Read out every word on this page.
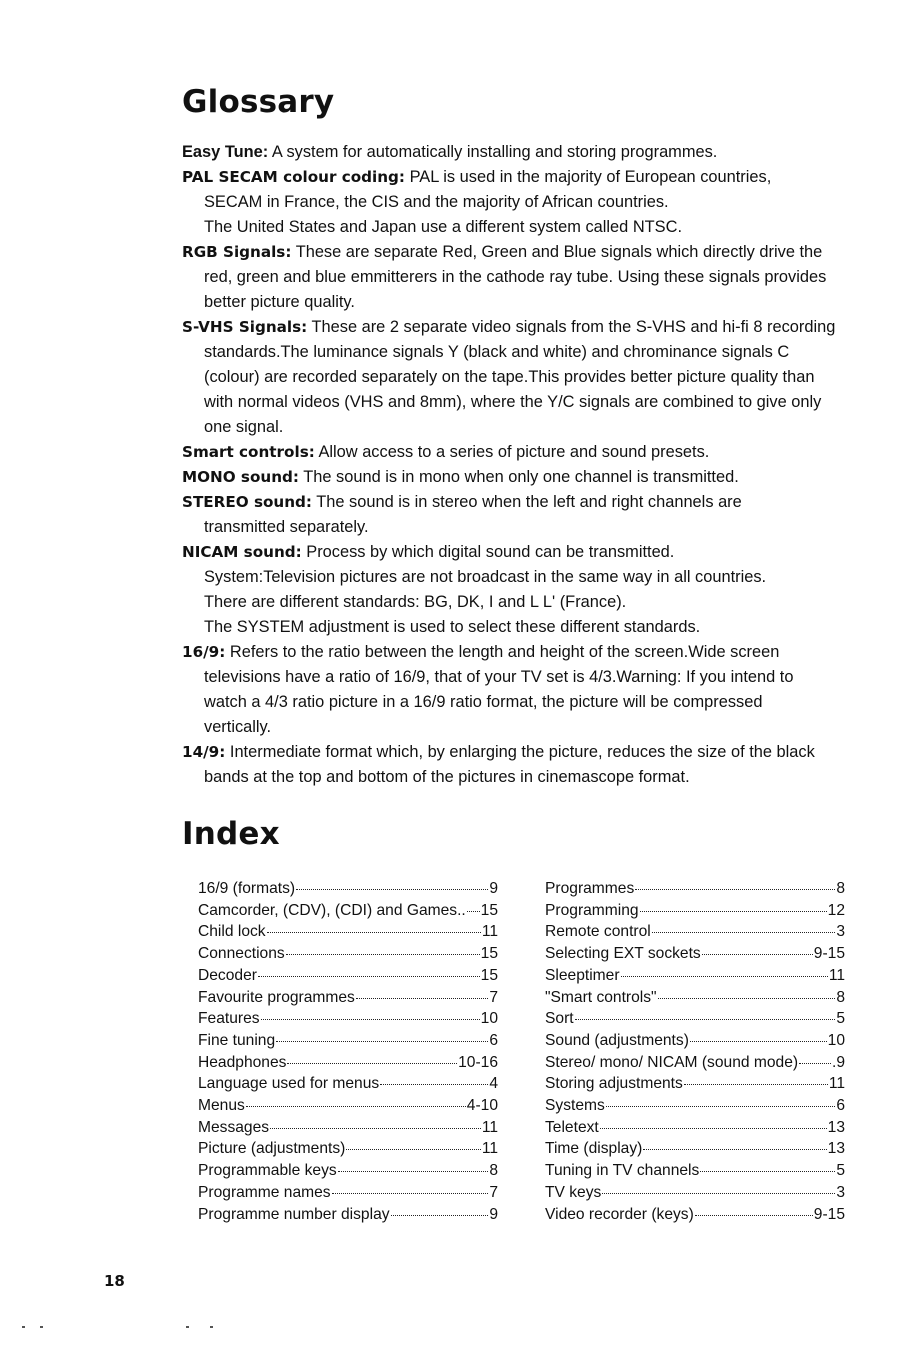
Glossary

Easy Tune: A system for automatically installing and storing programmes.

PAL SECAM colour coding: PAL is used in the majority of European countries,

SECAM in France, the CIS and the majority of African countries.

The United States and Japan use a different system called NTSC.

RGB Signals: These are separate Red, Green and Blue signals which directly drive the

red, green and blue emmitterers in the cathode ray tube. Using these signals provides

better picture quality.

S-VHS Signals: These are 2 separate video signals from the S-VHS and hi-fi 8 recording

standards.The luminance signals Y (black and white) and chrominance signals C

(colour) are recorded separately on the tape.This provides better picture quality than

with normal videos (VHS and 8mm), where the Y/C signals are combined to give only

one signal.

Smart controls: Allow access to a series of picture and sound presets.

MONO sound: The sound is in mono when only one channel is transmitted.

STEREO sound: The sound is in stereo when the left and right channels are

transmitted separately.

NICAM sound: Process by which digital sound can be transmitted.

System:Television pictures are not broadcast in the same way in all countries.

There are different standards: BG, DK, I and L L' (France).

The SYSTEM adjustment is used to select these different standards.

16/9: Refers to the ratio between the length and height of the screen.Wide screen

televisions have a ratio of 16/9, that of your TV set is 4/3.Warning: If you intend to

watch a 4/3 ratio picture in a 16/9 ratio format, the picture will be compressed

vertically.

14/9: Intermediate format which, by enlarging the picture, reduces the size of the black

bands at the top and bottom of the pictures in cinemascope format.

Index
16/9 (formats)	9
Camcorder, (CDV), (CDI) and Games.. 15
Child lock	11
Connections	15
Decoder	15
Favourite programmes	7
Features	10
Fine tuning	6
Headphones	10-16
Language used for menus	4
Menus	4-10
Messages	11
Picture (adjustments)	11
Programmable keys	8
Programme names	7
Programme number display	9
Programmes	8
Programming	12
Remote control	3
Selecting EXT sockets	9-15
Sleeptimer	11
"Smart controls"	8
Sort	5
Sound (adjustments)	10
Stereo/ mono/ NICAM (sound mode) .9
Storing adjustments	11
Systems	6
Teletext	13
Time (display)	13
Tuning in TV channels	5
TV keys	3
Video recorder (keys)	9-15
18
